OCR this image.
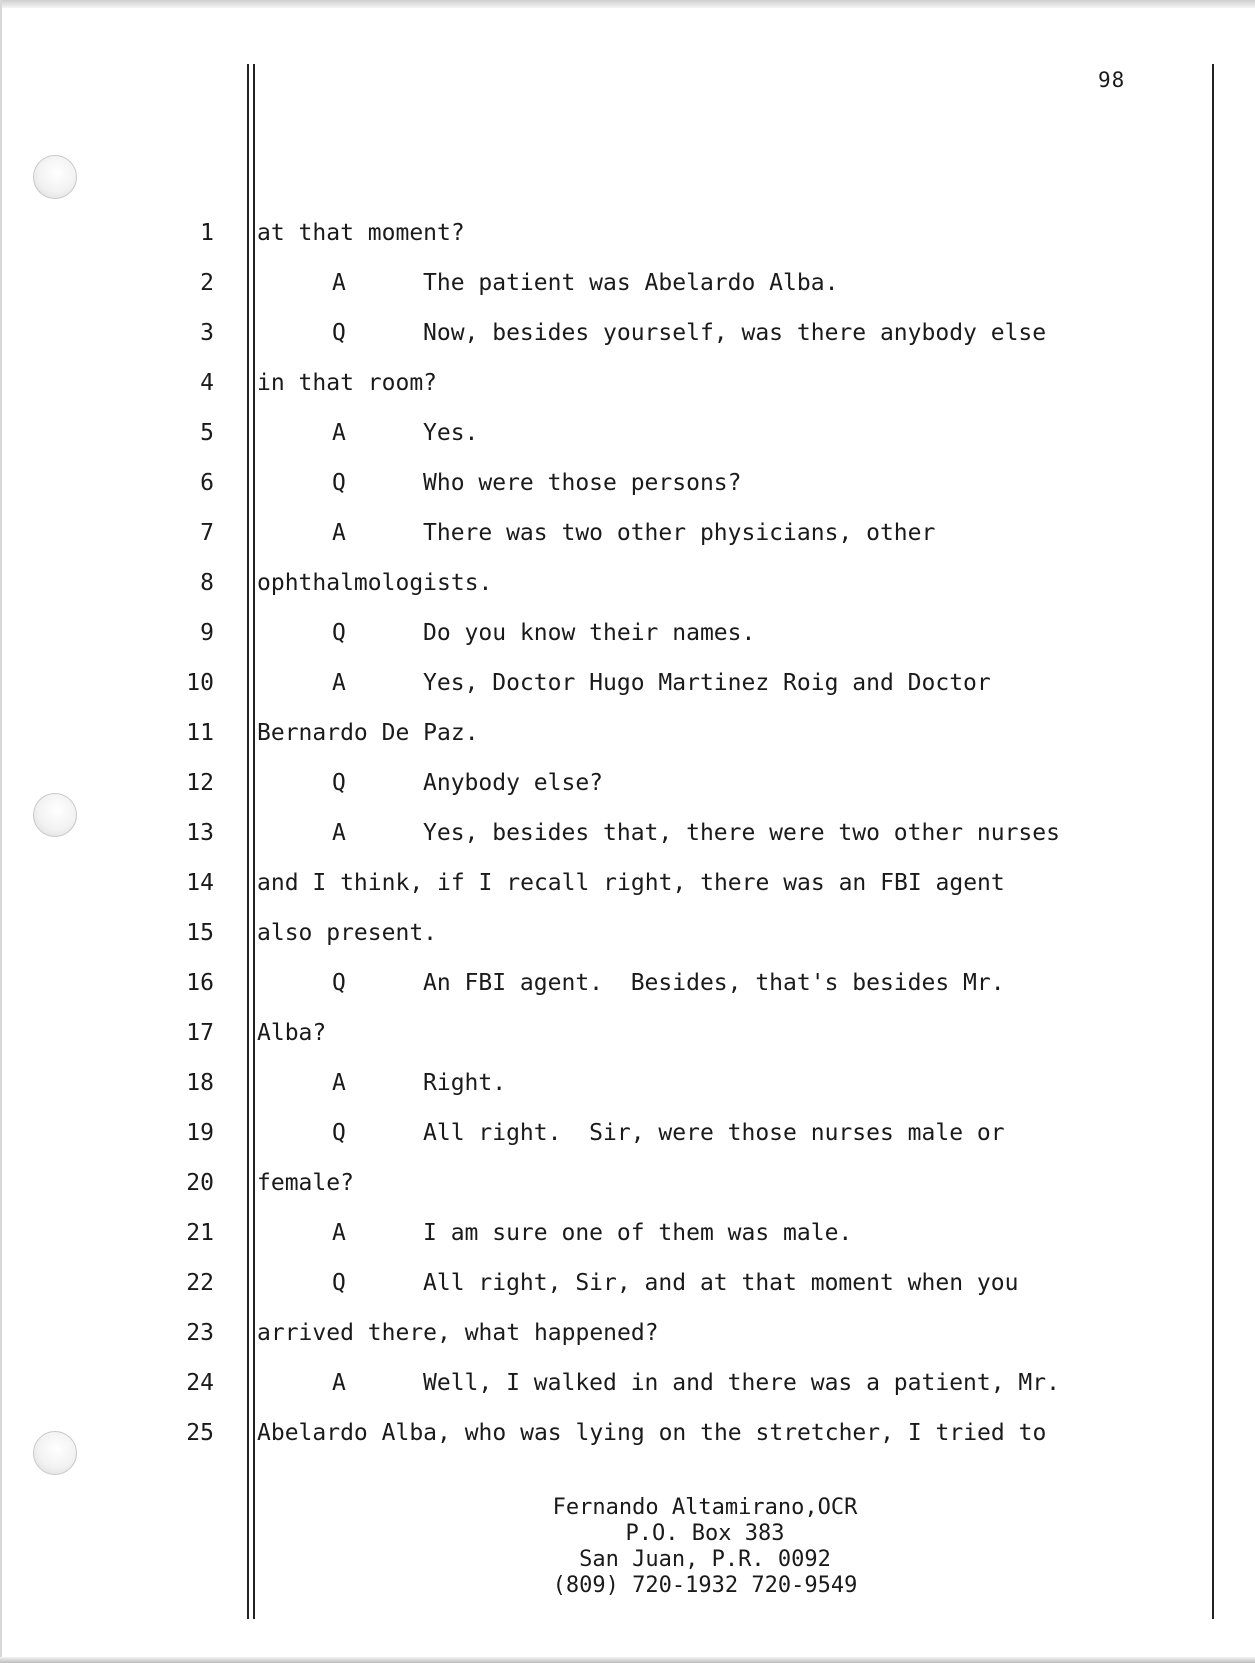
98
1 at that moment?
2	A	The patient was Abelardo Alba.
3	Q	Now, besides yourself, was there anybody else
4 in that room?
5	A	Yes.
6	Q	Who were those persons?
7	A	There was two other physicians, other
8 ophthalmologists.
9	Q	Do you know their names.
10	A	Yes, Doctor Hugo Martinez Roig and Doctor
11 Bernardo De Paz.
12	Q	Anybody else?
13	A	Yes, besides that, there were two other nurses
14 and I think, if I recall right, there was an FBI agent
15 also present.
16	Q	An FBI agent.  Besides, that's besides Mr.
17 Alba?
18	A	Right.
19	Q	All right.  Sir, were those nurses male or
20 female?
21	A	I am sure one of them was male.
22	Q	All right, Sir, and at that moment when you
23 arrived there, what happened?
24	A	Well, I walked in and there was a patient, Mr.
25 Abelardo Alba, who was lying on the stretcher, I tried to
Fernando Altamirano,OCR
P.O. Box 383
San Juan, P.R. 0092
(809) 720-1932 720-9549
